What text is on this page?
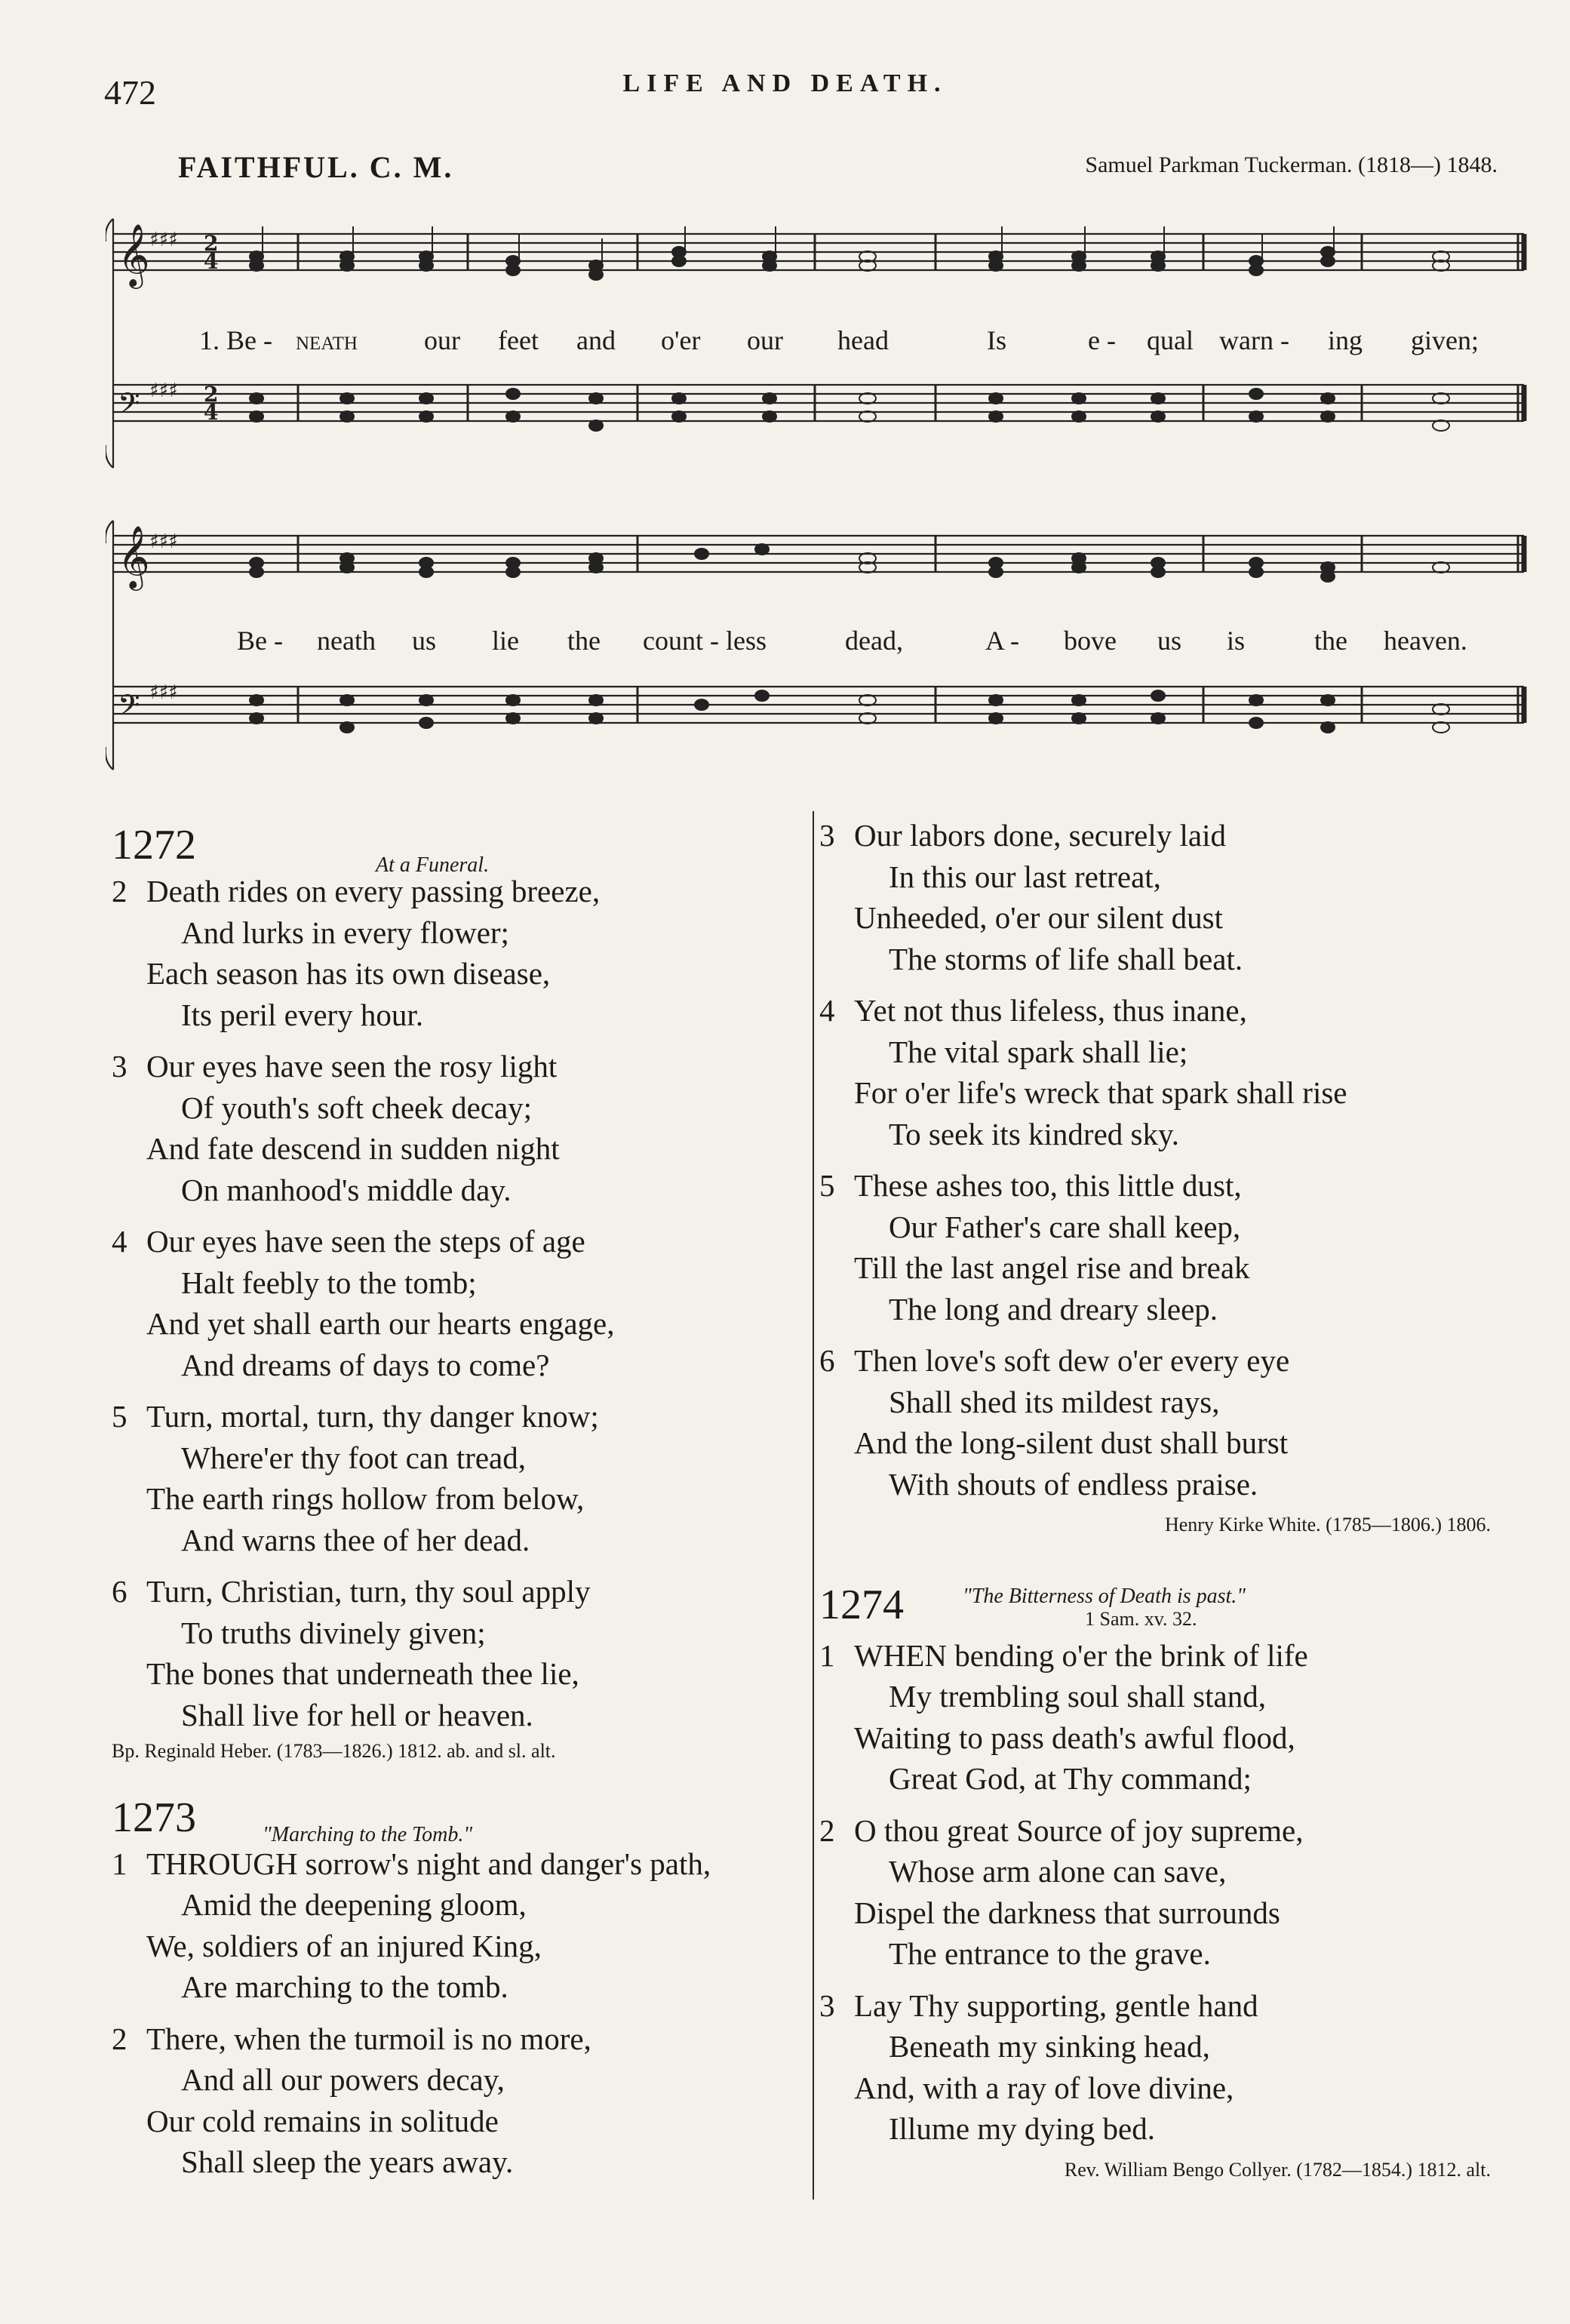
472	LIFE AND DEATH.
FAITHFUL. C. M.	Samuel Parkman Tuckerman. (1818—) 1848.
𝄞
𝄢
𝄞
𝄢
♯♯♯
♯♯♯
♯♯♯
♯♯♯
2
4
2
4
1. Be - neath our feet and o'er our head	Is	e - qual warn - ing given;
Be - neath us lie the count - less	dead,	A - bove us is	the heaven.
1272	At a Funeral.
2 Death rides on every passing breeze,
And lurks in every flower;
Each season has its own disease,
Its peril every hour.
3 Our eyes have seen the rosy light
Of youth's soft cheek decay;
And fate descend in sudden night
On manhood's middle day.
4 Our eyes have seen the steps of age
Halt feebly to the tomb;
And yet shall earth our hearts engage,
And dreams of days to come?
5 Turn, mortal, turn, thy danger know;
Where'er thy foot can tread,
The earth rings hollow from below,
And warns thee of her dead.
6 Turn, Christian, turn, thy soul apply
To truths divinely given;
The bones that underneath thee lie,
Shall live for hell or heaven.
Bp. Reginald Heber. (1783—1826.) 1812. ab. and sl. alt.
1273	"Marching to the Tomb."
1 THROUGH sorrow's night and danger's path,
Amid the deepening gloom,
We, soldiers of an injured King,
Are marching to the tomb.
2 There, when the turmoil is no more,
And all our powers decay,
Our cold remains in solitude
Shall sleep the years away.
3 Our labors done, securely laid
In this our last retreat,
Unheeded, o'er our silent dust
The storms of life shall beat.
4 Yet not thus lifeless, thus inane,
The vital spark shall lie;
For o'er life's wreck that spark shall rise
To seek its kindred sky.
5 These ashes too, this little dust,
Our Father's care shall keep,
Till the last angel rise and break
The long and dreary sleep.
6 Then love's soft dew o'er every eye
Shall shed its mildest rays,
And the long-silent dust shall burst
With shouts of endless praise.
Henry Kirke White. (1785—1806.) 1806.
1274	"The Bitterness of Death is past."
1 Sam. xv. 32.
1 WHEN bending o'er the brink of life
My trembling soul shall stand,
Waiting to pass death's awful flood,
Great God, at Thy command;
2 O thou great Source of joy supreme,
Whose arm alone can save,
Dispel the darkness that surrounds
The entrance to the grave.
3 Lay Thy supporting, gentle hand
Beneath my sinking head,
And, with a ray of love divine,
Illume my dying bed.
Rev. William Bengo Collyer. (1782—1854.) 1812. alt.
